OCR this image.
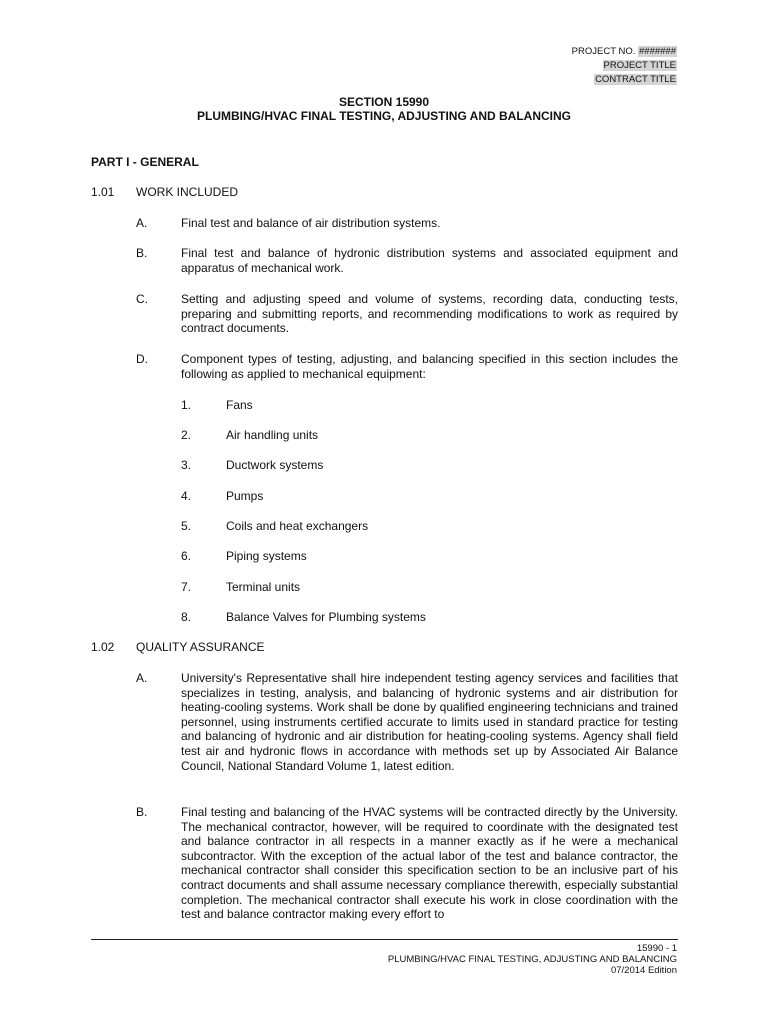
PROJECT NO. #######
PROJECT TITLE
CONTRACT TITLE
SECTION 15990
PLUMBING/HVAC FINAL TESTING, ADJUSTING AND BALANCING
PART I - GENERAL
1.01 WORK INCLUDED
A.	Final test and balance of air distribution systems.
B.	Final test and balance of hydronic distribution systems and associated equipment and apparatus of mechanical work.
C.	Setting and adjusting speed and volume of systems, recording data, conducting tests, preparing and submitting reports, and recommending modifications to work as required by contract documents.
D.	Component types of testing, adjusting, and balancing specified in this section includes the following as applied to mechanical equipment:
1.	Fans
2.	Air handling units
3.	Ductwork systems
4.	Pumps
5.	Coils and heat exchangers
6.	Piping systems
7.	Terminal units
8.	Balance Valves for Plumbing systems
1.02 QUALITY ASSURANCE
A.	University's Representative shall hire independent testing agency services and facilities that specializes in testing, analysis, and balancing of hydronic systems and air distribution for heating-cooling systems. Work shall be done by qualified engineering technicians and trained personnel, using instruments certified accurate to limits used in standard practice for testing and balancing of hydronic and air distribution for heating-cooling systems. Agency shall field test air and hydronic flows in accordance with methods set up by Associated Air Balance Council, National Standard Volume 1, latest edition.
B.	Final testing and balancing of the HVAC systems will be contracted directly by the University. The mechanical contractor, however, will be required to coordinate with the designated test and balance contractor in all respects in a manner exactly as if he were a mechanical subcontractor. With the exception of the actual labor of the test and balance contractor, the mechanical contractor shall consider this specification section to be an inclusive part of his contract documents and shall assume necessary compliance therewith, especially substantial completion. The mechanical contractor shall execute his work in close coordination with the test and balance contractor making every effort to
15990 - 1
PLUMBING/HVAC FINAL TESTING, ADJUSTING AND BALANCING
07/2014 Edition
